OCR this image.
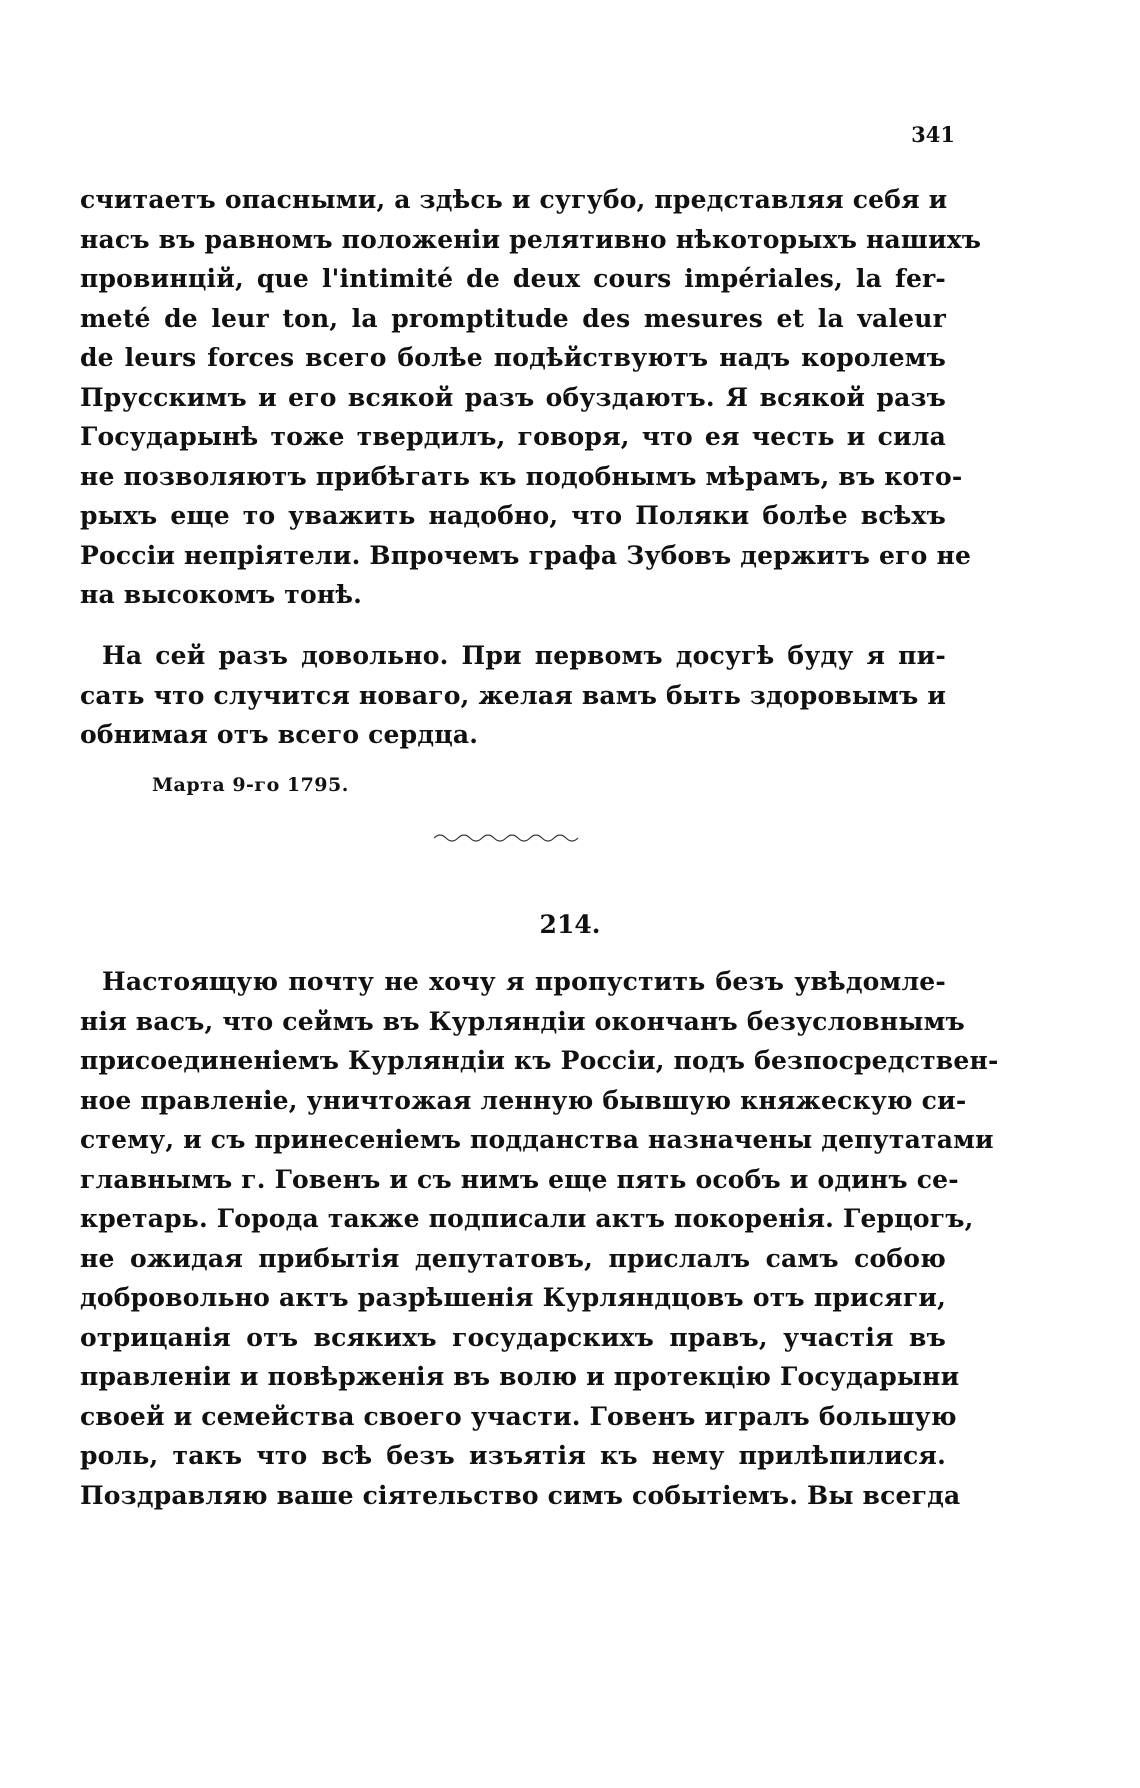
341
считаетъ опасными, а здѣсь и сугубо, представляя себя и
насъ въ равномъ положеніи релятивно нѣкоторыхъ нашихъ
провинцій, que l'intimité de deux cours impériales, la fer-
meté de leur ton, la promptitude des mesures et la valeur
de leurs forces всего болѣе подѣйствуютъ надъ королемъ
Прусскимъ и его всякой разъ обуздаютъ. Я всякой разъ
Государынѣ тоже твердилъ, говоря, что ея честь и сила
не позволяютъ прибѣгать къ подобнымъ мѣрамъ, въ кото-
рыхъ еще то уважить надобно, что Поляки болѣе всѣхъ
Россіи непріятели. Впрочемъ графа Зубовъ держитъ его не
на высокомъ тонѣ.
На сей разъ довольно. При первомъ досугѣ буду я пи-
сать что случится новаго, желая вамъ быть здоровымъ и
обнимая отъ всего сердца.
Марта 9-го 1795.
214.
Настоящую почту не хочу я пропустить безъ увѣдомле-
нія васъ, что сеймъ въ Курляндіи окончанъ безусловнымъ
присоединеніемъ Курляндіи къ Россіи, подъ безпосредствен-
ное правленіе, уничтожая ленную бывшую княжескую си-
стему, и съ принесеніемъ подданства назначены депутатами
главнымъ г. Говенъ и съ нимъ еще пять особъ и одинъ се-
кретарь. Города также подписали актъ покоренія. Герцогъ,
не ожидая прибытія депутатовъ, прислалъ самъ собою
добровольно актъ разрѣшенія Курляндцовъ отъ присяги,
отрицанія отъ всякихъ государскихъ правъ, участія въ
правленіи и повѣрженія въ волю и протекцію Государыни
своей и семейства своего участи. Говенъ игралъ большую
роль, такъ что всѣ безъ изъятія къ нему прилѣпилися.
Поздравляю ваше сіятельство симъ событіемъ. Вы всегда
